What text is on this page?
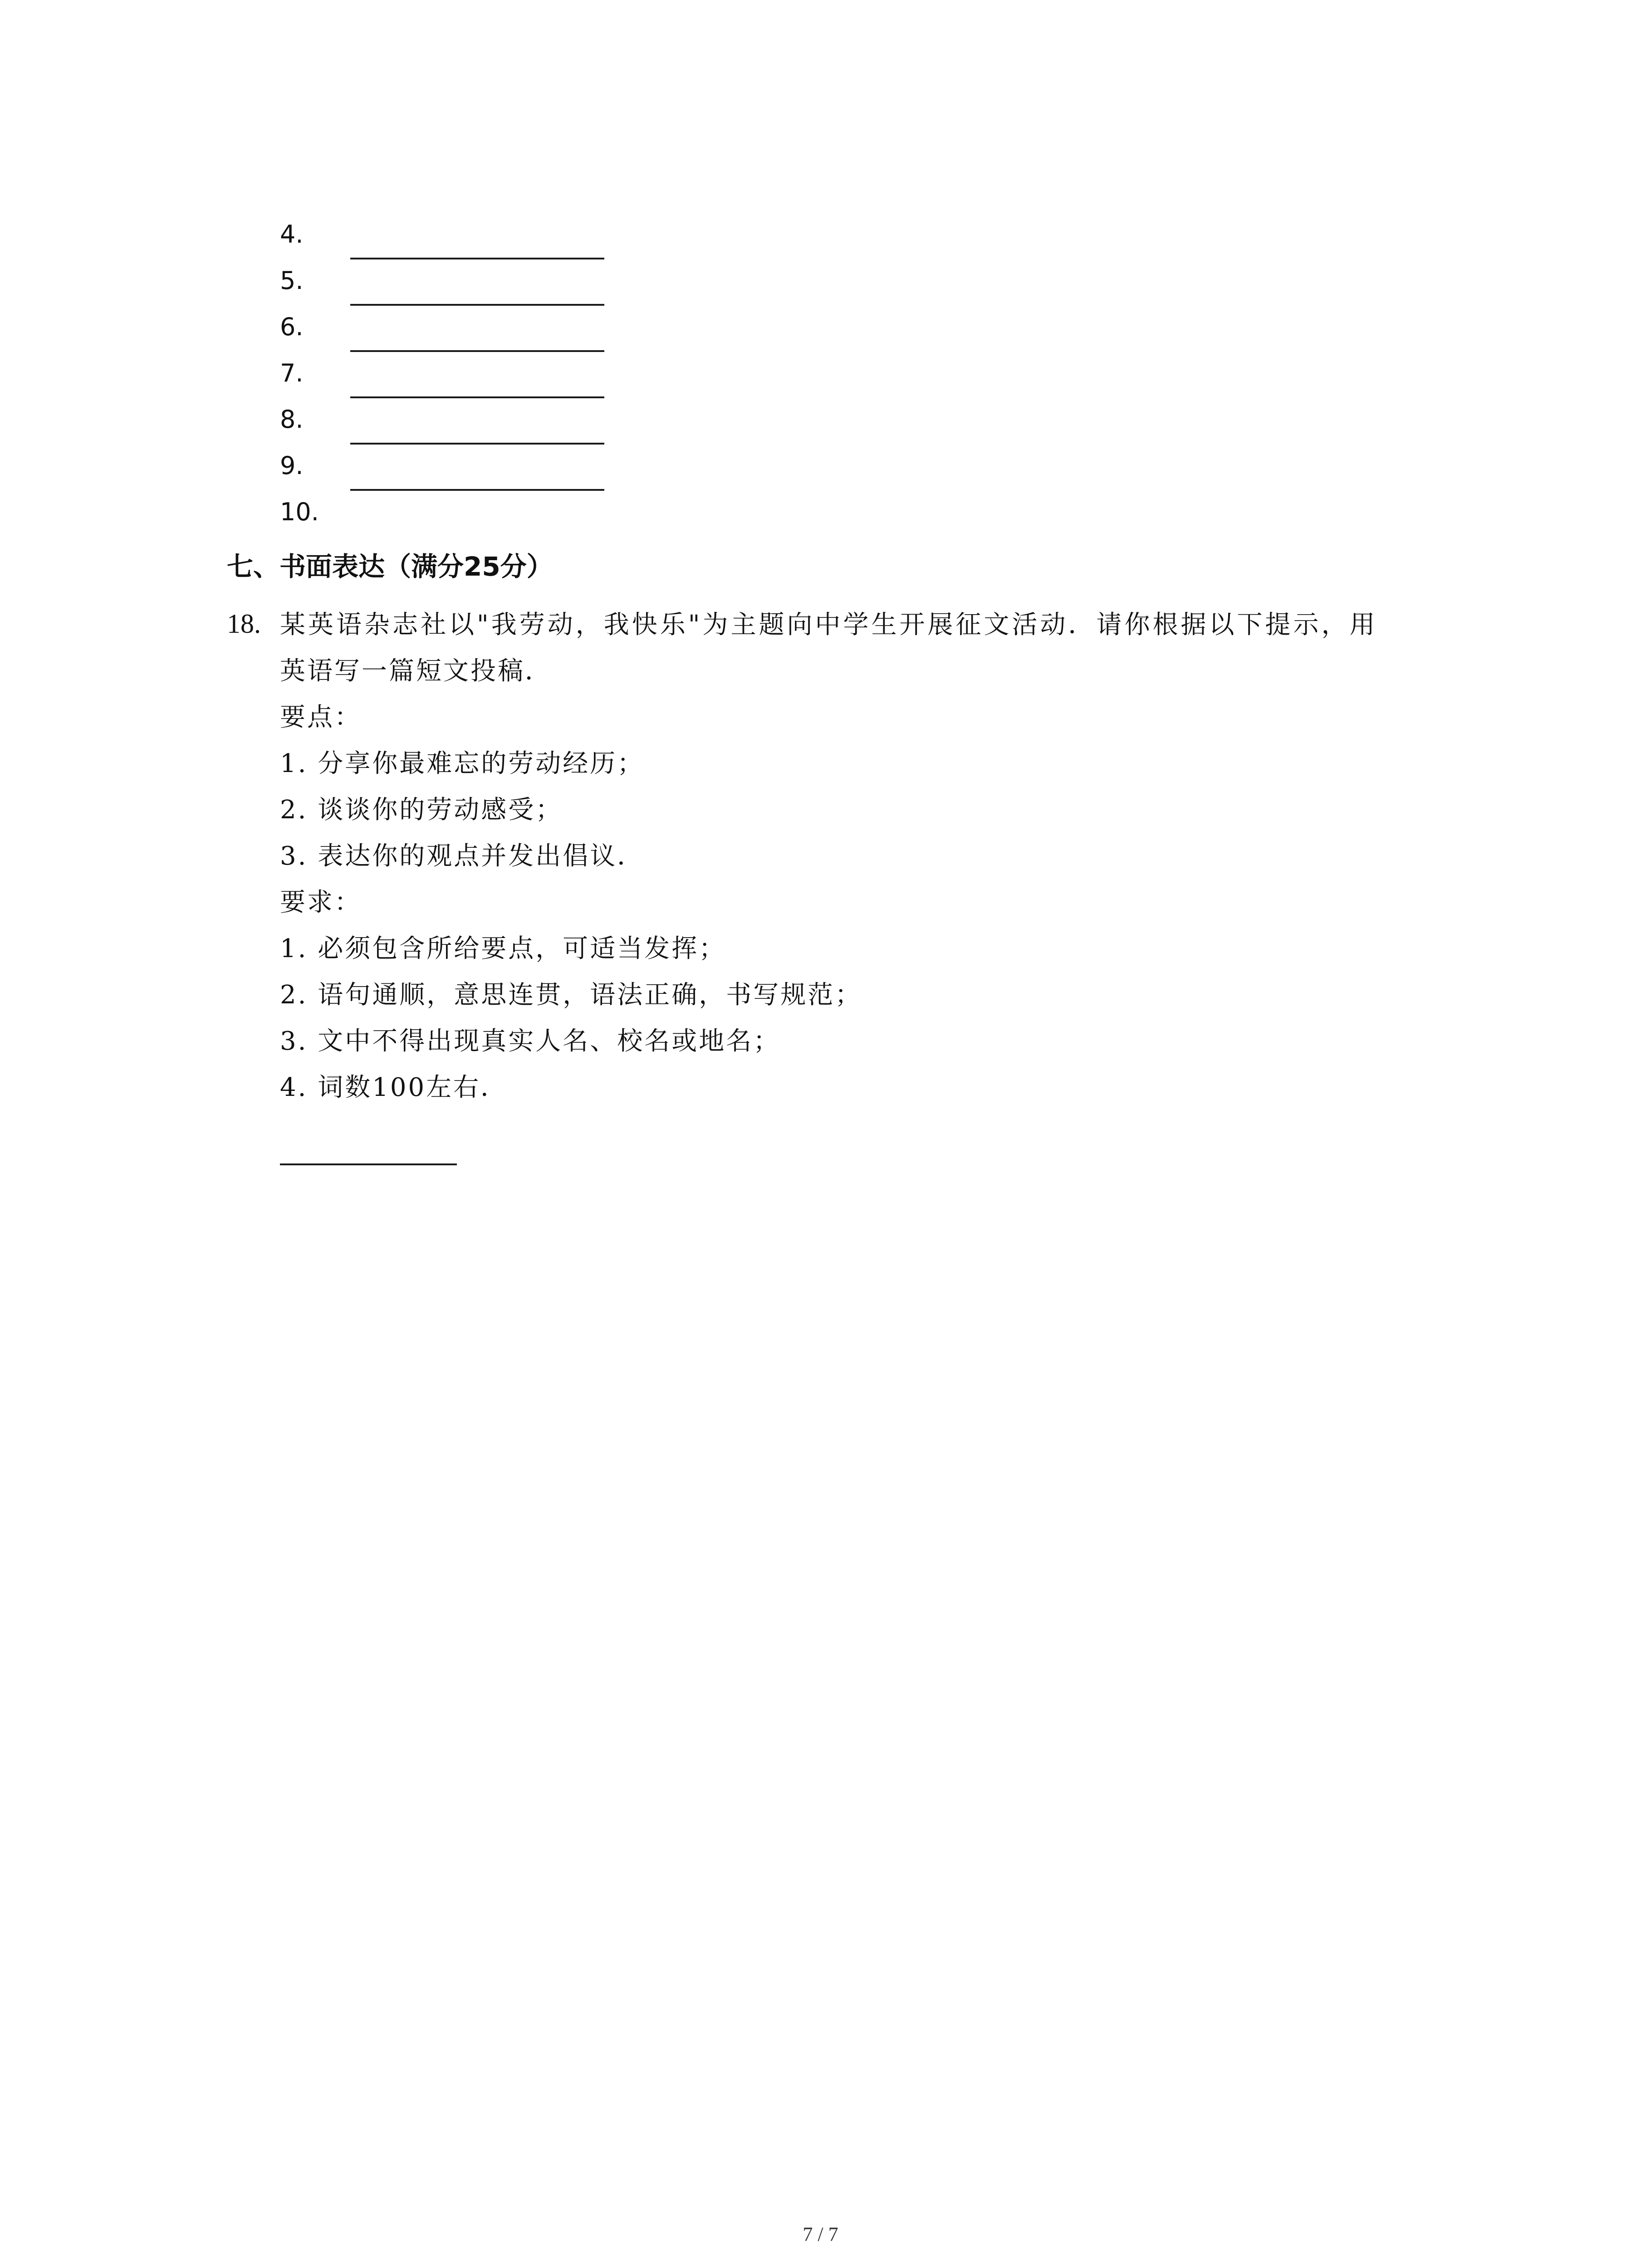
4.
5.
6.
7.
8.
9.
10.
七、书面表达（满分25分）
18. 某英语杂志社以"我劳动，我快乐"为主题向中学生开展征文活动．请你根据以下提示，用
英语写一篇短文投稿．
要点：
1. 分享你最难忘的劳动经历；
2. 谈谈你的劳动感受；
3. 表达你的观点并发出倡议．
要求：
1. 必须包含所给要点，可适当发挥；
2. 语句通顺，意思连贯，语法正确，书写规范；
3. 文中不得出现真实人名、校名或地名；
4. 词数100左右．
7 / 7
